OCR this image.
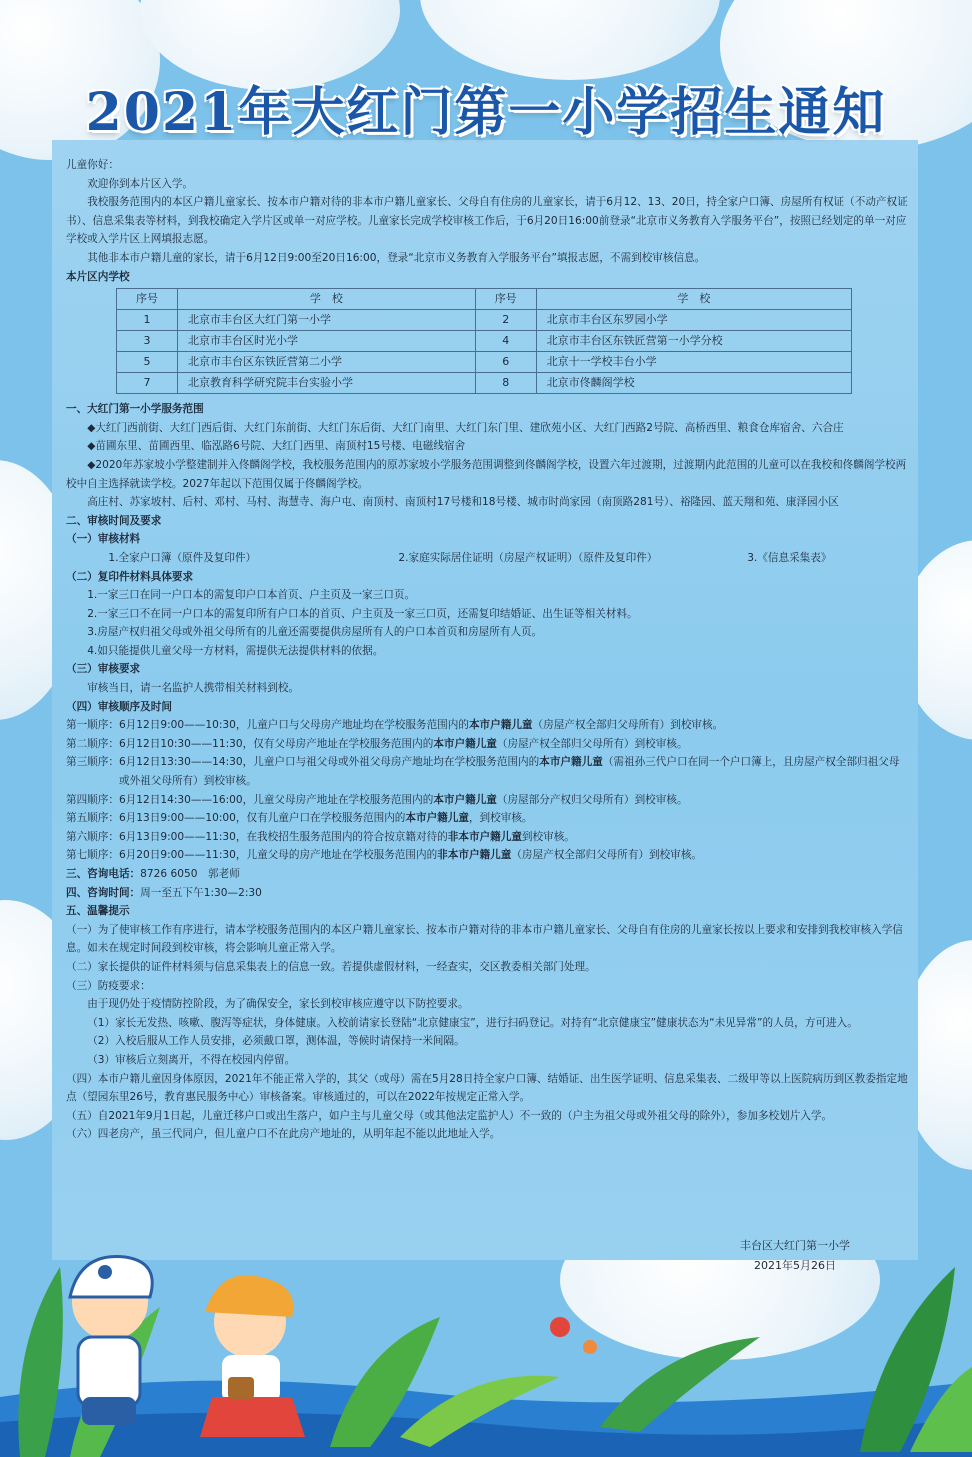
2021年大红门第一小学招生通知

儿童你好：

欢迎你到本片区入学。

我校服务范围内的本区户籍儿童家长、按本市户籍对待的非本市户籍儿童家长、父母自有住房的儿童家长，请于6月12、13、20日，持全家户口簿、房屋所有权证（不动产权证书）、信息采集表等材料，到我校确定入学片区或单一对应学校。儿童家长完成学校审核工作后，于6月20日16:00前登录“北京市义务教育入学服务平台”，按照已经划定的单一对应学校或入学片区上网填报志愿。

其他非本市户籍儿童的家长，请于6月12日9:00至20日16:00，登录“北京市义务教育入学服务平台”填报志愿，不需到校审核信息。

本片区内学校

序号	学　校	序号	学　校
1	北京市丰台区大红门第一小学	2	北京市丰台区东罗园小学
3	北京市丰台区时光小学	4	北京市丰台区东铁匠营第一小学分校
5	北京市丰台区东铁匠营第二小学	6	北京十一学校丰台小学
7	北京教育科学研究院丰台实验小学	8	北京市佟麟阁学校

一、大红门第一小学服务范围

◆大红门西前街、大红门西后街、大红门东前街、大红门东后街、大红门南里、大红门东门里、建欣苑小区、大红门西路2号院、高桥西里、粮食仓库宿舍、六合庄

◆苗圃东里、苗圃西里、临泓路6号院、大红门西里、南顶村15号楼、电磁线宿舍

◆2020年苏家坡小学整建制并入佟麟阁学校，我校服务范围内的原苏家坡小学服务范围调整到佟麟阁学校，设置六年过渡期，过渡期内此范围的儿童可以在我校和佟麟阁学校两校中自主选择就读学校。2027年起以下范围仅属于佟麟阁学校。

高庄村、苏家坡村、后村、邓村、马村、海慧寺、海户屯、南顶村、南顶村17号楼和18号楼、城市时尚家园（南顶路281号）、裕隆园、蓝天翔和苑、康泽园小区

二、审核时间及要求

（一）审核材料

1.全家户口簿（原件及复印件）	2.家庭实际居住证明（房屋产权证明）（原件及复印件）	3.《信息采集表》

（二）复印件材料具体要求

1.一家三口在同一户口本的需复印户口本首页、户主页及一家三口页。

2.一家三口不在同一户口本的需复印所有户口本的首页、户主页及一家三口页，还需复印结婚证、出生证等相关材料。

3.房屋产权归祖父母或外祖父母所有的儿童还需要提供房屋所有人的户口本首页和房屋所有人页。

4.如只能提供儿童父母一方材料，需提供无法提供材料的依据。

（三）审核要求

审核当日，请一名监护人携带相关材料到校。

（四）审核顺序及时间

第一顺序：6月12日9:00——10:30，儿童户口与父母房产地址均在学校服务范围内的本市户籍儿童（房屋产权全部归父母所有）到校审核。

第二顺序：6月12日10:30——11:30，仅有父母房产地址在学校服务范围内的本市户籍儿童（房屋产权全部归父母所有）到校审核。

第三顺序：6月12日13:30——14:30，儿童户口与祖父母或外祖父母房产地址均在学校服务范围内的本市户籍儿童（需祖孙三代户口在同一个户口簿上，且房屋产权全部归祖父母或外祖父母所有）到校审核。

第四顺序：6月12日14:30——16:00，儿童父母房产地址在学校服务范围内的本市户籍儿童（房屋部分产权归父母所有）到校审核。

第五顺序：6月13日9:00——10:00，仅有儿童户口在学校服务范围内的本市户籍儿童，到校审核。

第六顺序：6月13日9:00——11:30，在我校招生服务范围内的符合按京籍对待的非本市户籍儿童到校审核。

第七顺序：6月20日9:00——11:30，儿童父母的房产地址在学校服务范围内的非本市户籍儿童（房屋产权全部归父母所有）到校审核。

三、咨询电话：8726 6050　郭老师

四、咨询时间：周一至五下午1:30—2:30

五、温馨提示

（一）为了使审核工作有序进行，请本学校服务范围内的本区户籍儿童家长、按本市户籍对待的非本市户籍儿童家长、父母自有住房的儿童家长按以上要求和安排到我校审核入学信息。如未在规定时间段到校审核，将会影响儿童正常入学。

（二）家长提供的证件材料须与信息采集表上的信息一致。若提供虚假材料，一经查实，交区教委相关部门处理。

（三）防疫要求：

由于现仍处于疫情防控阶段，为了确保安全，家长到校审核应遵守以下防控要求。

（1）家长无发热、咳嗽、腹泻等症状，身体健康。入校前请家长登陆“北京健康宝”，进行扫码登记。对持有“北京健康宝”健康状态为“未见异常”的人员，方可进入。

（2）入校后服从工作人员安排，必须戴口罩，测体温，等候时请保持一米间隔。

（3）审核后立刻离开，不得在校园内停留。

（四）本市户籍儿童因身体原因，2021年不能正常入学的，其父（或母）需在5月28日持全家户口簿、结婚证、出生医学证明、信息采集表、二级甲等以上医院病历到区教委指定地点（望园东里26号，教育惠民服务中心）审核备案。审核通过的，可以在2022年按规定正常入学。

（五）自2021年9月1日起，儿童迁移户口或出生落户，如户主与儿童父母（或其他法定监护人）不一致的（户主为祖父母或外祖父母的除外），参加多校划片入学。

（六）四老房产，虽三代同户，但儿童户口不在此房产地址的，从明年起不能以此地址入学。

丰台区大红门第一小学
2021年5月26日
